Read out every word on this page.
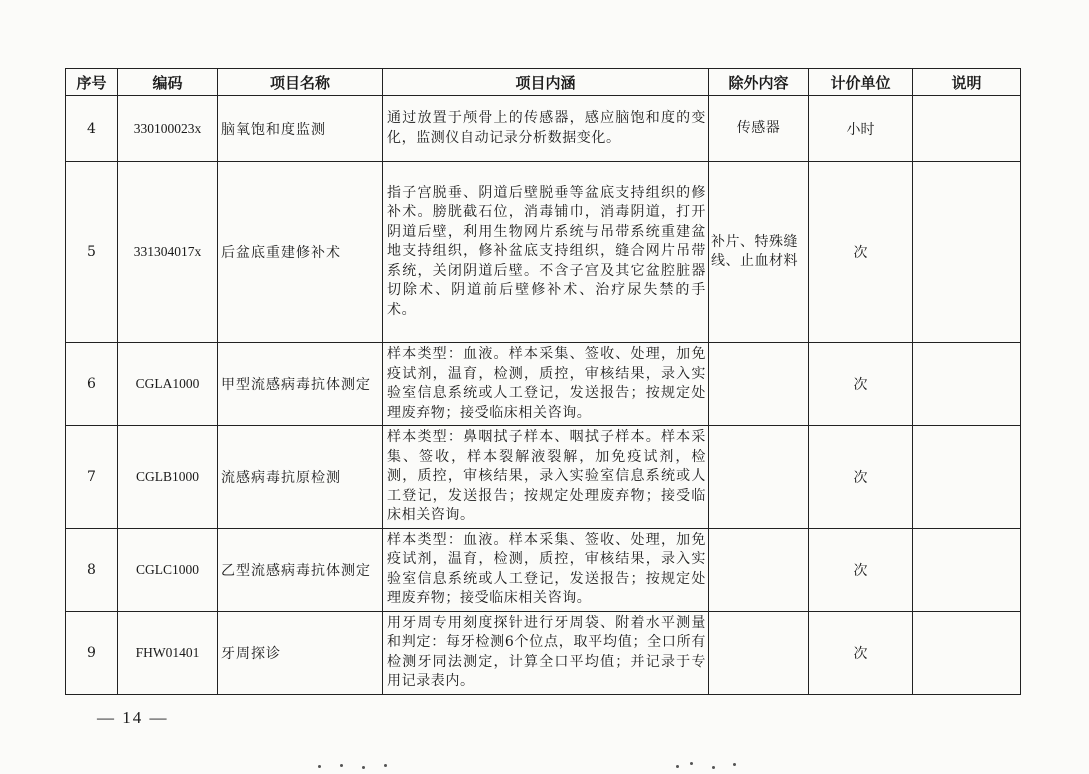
序号	编码	项目名称	项目内涵	除外内容	计价单位	说明
4	330100023x	脑氧饱和度监测	通过放置于颅骨上的传感器，感应脑饱和度的变化，监测仪自动记录分析数据变化。	传感器	小时	
5	331304017x	后盆底重建修补术	指子宫脱垂、阴道后壁脱垂等盆底支持组织的修补术。膀胱截石位，消毒铺巾，消毒阴道，打开阴道后壁，利用生物网片系统与吊带系统重建盆地支持组织，修补盆底支持组织，缝合网片吊带系统，关闭阴道后壁。不含子宫及其它盆腔脏器切除术、阴道前后壁修补术、治疗尿失禁的手术。	补片、特殊缝线、止血材料	次	
6	CGLA1000	甲型流感病毒抗体测定	样本类型：血液。样本采集、签收、处理，加免疫试剂，温育，检测，质控，审核结果，录入实验室信息系统或人工登记，发送报告；按规定处理废弃物；接受临床相关咨询。		次	
7	CGLB1000	流感病毒抗原检测	样本类型：鼻咽拭子样本、咽拭子样本。样本采集、签收，样本裂解液裂解，加免疫试剂，检测，质控，审核结果，录入实验室信息系统或人工登记，发送报告；按规定处理废弃物；接受临床相关咨询。		次	
8	CGLC1000	乙型流感病毒抗体测定	样本类型：血液。样本采集、签收、处理，加免疫试剂，温育，检测，质控，审核结果，录入实验室信息系统或人工登记，发送报告；按规定处理废弃物；接受临床相关咨询。		次	
9	FHW01401	牙周探诊	用牙周专用刻度探针进行牙周袋、附着水平测量和判定：每牙检测6个位点，取平均值；全口所有检测牙同法测定，计算全口平均值；并记录于专用记录表内。		次	
— 14 —
